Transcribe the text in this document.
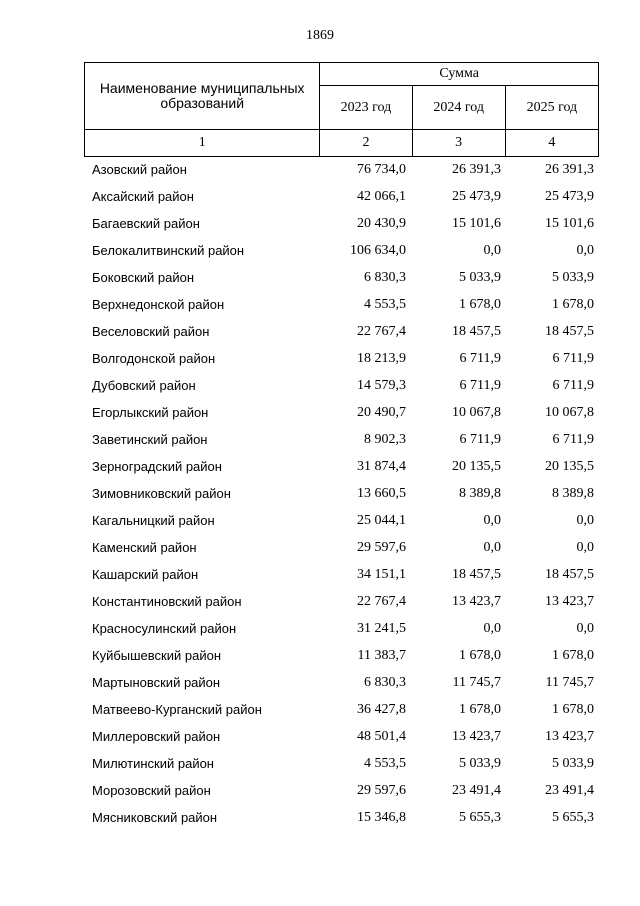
1869
Наименование муниципальных образований	Сумма		
	2023 год	2024 год	2025 год
1	2	3	4
Азовский район	76 734,0	26 391,3	26 391,3
Аксайский район	42 066,1	25 473,9	25 473,9
Багаевский район	20 430,9	15 101,6	15 101,6
Белокалитвинский район	106 634,0	0,0	0,0
Боковский район	6 830,3	5 033,9	5 033,9
Верхнедонской район	4 553,5	1 678,0	1 678,0
Веселовский район	22 767,4	18 457,5	18 457,5
Волгодонской район	18 213,9	6 711,9	6 711,9
Дубовский район	14 579,3	6 711,9	6 711,9
Егорлыкский район	20 490,7	10 067,8	10 067,8
Заветинский район	8 902,3	6 711,9	6 711,9
Зерноградский район	31 874,4	20 135,5	20 135,5
Зимовниковский район	13 660,5	8 389,8	8 389,8
Кагальницкий район	25 044,1	0,0	0,0
Каменский район	29 597,6	0,0	0,0
Кашарский район	34 151,1	18 457,5	18 457,5
Константиновский район	22 767,4	13 423,7	13 423,7
Красносулинский район	31 241,5	0,0	0,0
Куйбышевский район	11 383,7	1 678,0	1 678,0
Мартыновский район	6 830,3	11 745,7	11 745,7
Матвеево-Курганский район	36 427,8	1 678,0	1 678,0
Миллеровский район	48 501,4	13 423,7	13 423,7
Милютинский район	4 553,5	5 033,9	5 033,9
Морозовский район	29 597,6	23 491,4	23 491,4
Мясниковский район	15 346,8	5 655,3	5 655,3
